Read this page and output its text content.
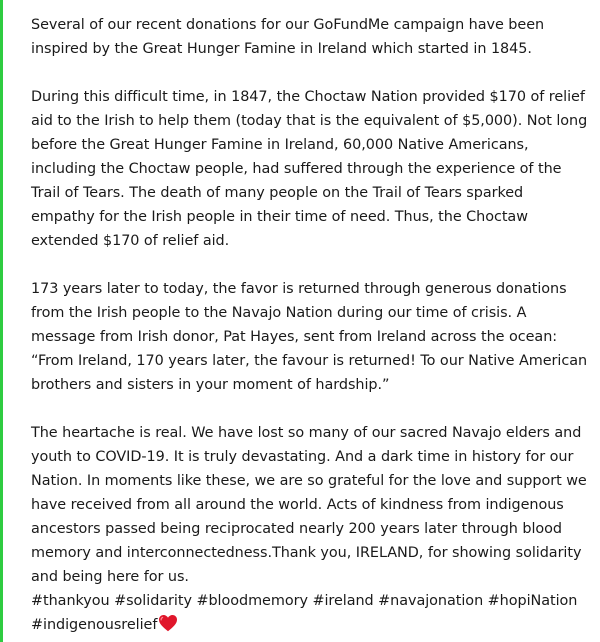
Several of our recent donations for our GoFundMe campaign have been inspired by the Great Hunger Famine in Ireland which started in 1845.

During this difficult time, in 1847, the Choctaw Nation provided $170 of relief aid to the Irish to help them (today that is the equivalent of $5,000). Not long before the Great Hunger Famine in Ireland, 60,000 Native Americans, including the Choctaw people, had suffered through the experience of the Trail of Tears. The death of many people on the Trail of Tears sparked empathy for the Irish people in their time of need. Thus, the Choctaw extended $170 of relief aid.

173 years later to today, the favor is returned through generous donations from the Irish people to the Navajo Nation during our time of crisis. A message from Irish donor, Pat Hayes, sent from Ireland across the ocean: “From Ireland, 170 years later, the favour is returned! To our Native American brothers and sisters in your moment of hardship.”

The heartache is real. We have lost so many of our sacred Navajo elders and youth to COVID-19. It is truly devastating. And a dark time in history for our Nation. In moments like these, we are so grateful for the love and support we have received from all around the world. Acts of kindness from indigenous ancestors passed being reciprocated nearly 200 years later through blood memory and interconnectedness.Thank you, IRELAND, for showing solidarity and being here for us.

#thankyou #solidarity #bloodmemory #ireland #navajonation #hopiNation #indigenousrelief
